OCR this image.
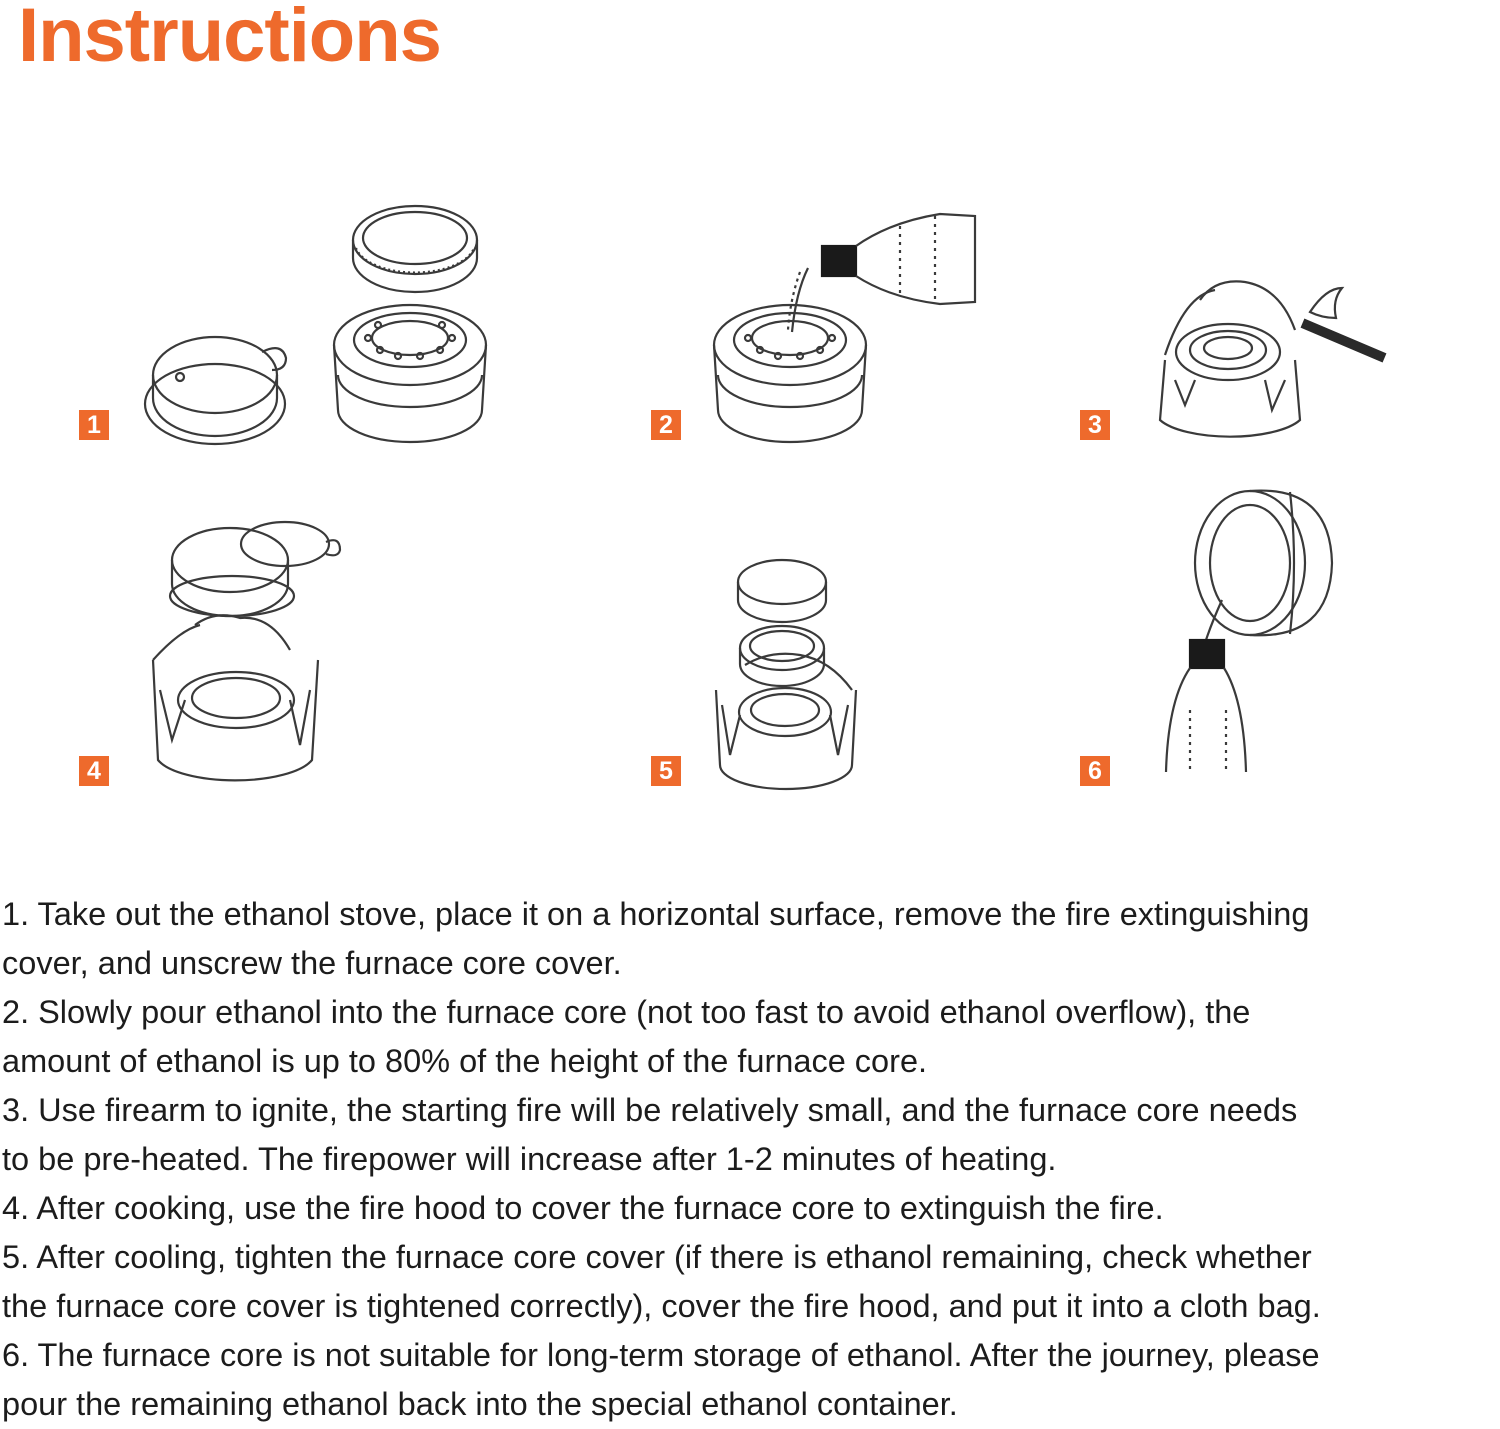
Instructions
1	2	3
4	5	6
1. Take out the ethanol stove, place it on a horizontal surface, remove the fire extinguishing
cover, and unscrew the furnace core cover.
2. Slowly pour ethanol into the furnace core (not too fast to avoid ethanol overflow), the
amount of ethanol is up to 80% of the height of the furnace core.
3. Use firearm to ignite, the starting fire will be relatively small, and the furnace core needs
to be pre-heated. The firepower will increase after 1-2 minutes of heating.
4. After cooking, use the fire hood to cover the furnace core to extinguish the fire.
5. After cooling, tighten the furnace core cover (if there is ethanol remaining, check whether
the furnace core cover is tightened correctly), cover the fire hood, and put it into a cloth bag.
6. The furnace core is not suitable for long-term storage of ethanol. After the journey, please
pour the remaining ethanol back into the special ethanol container.
